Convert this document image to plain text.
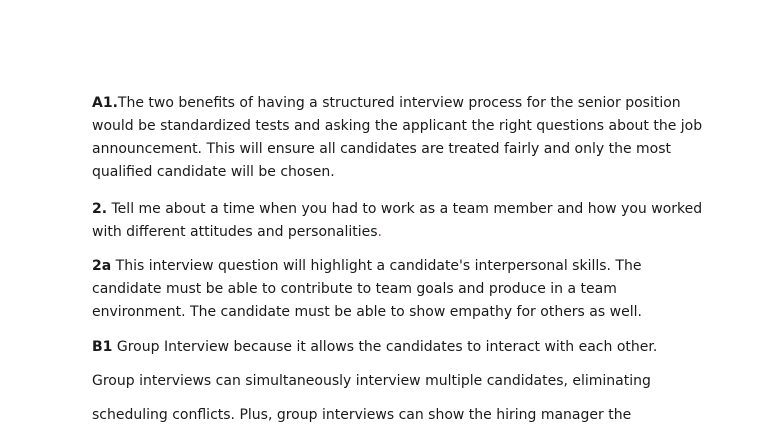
A1.The two benefits of having a structured interview process for the senior position would be standardized tests and asking the applicant the right questions about the job announcement. This will ensure all candidates are treated fairly and only the most qualified candidate will be chosen.

2. Tell me about a time when you had to work as a team member and how you worked with different attitudes and personalities.

2a This interview question will highlight a candidate's interpersonal skills. The candidate must be able to contribute to team goals and produce in a team environment. The candidate must be able to show empathy for others as well.

B1 Group Interview because it allows the candidates to interact with each other.

Group interviews can simultaneously interview multiple candidates, eliminating

scheduling conflicts. Plus, group interviews can show the hiring manager the
